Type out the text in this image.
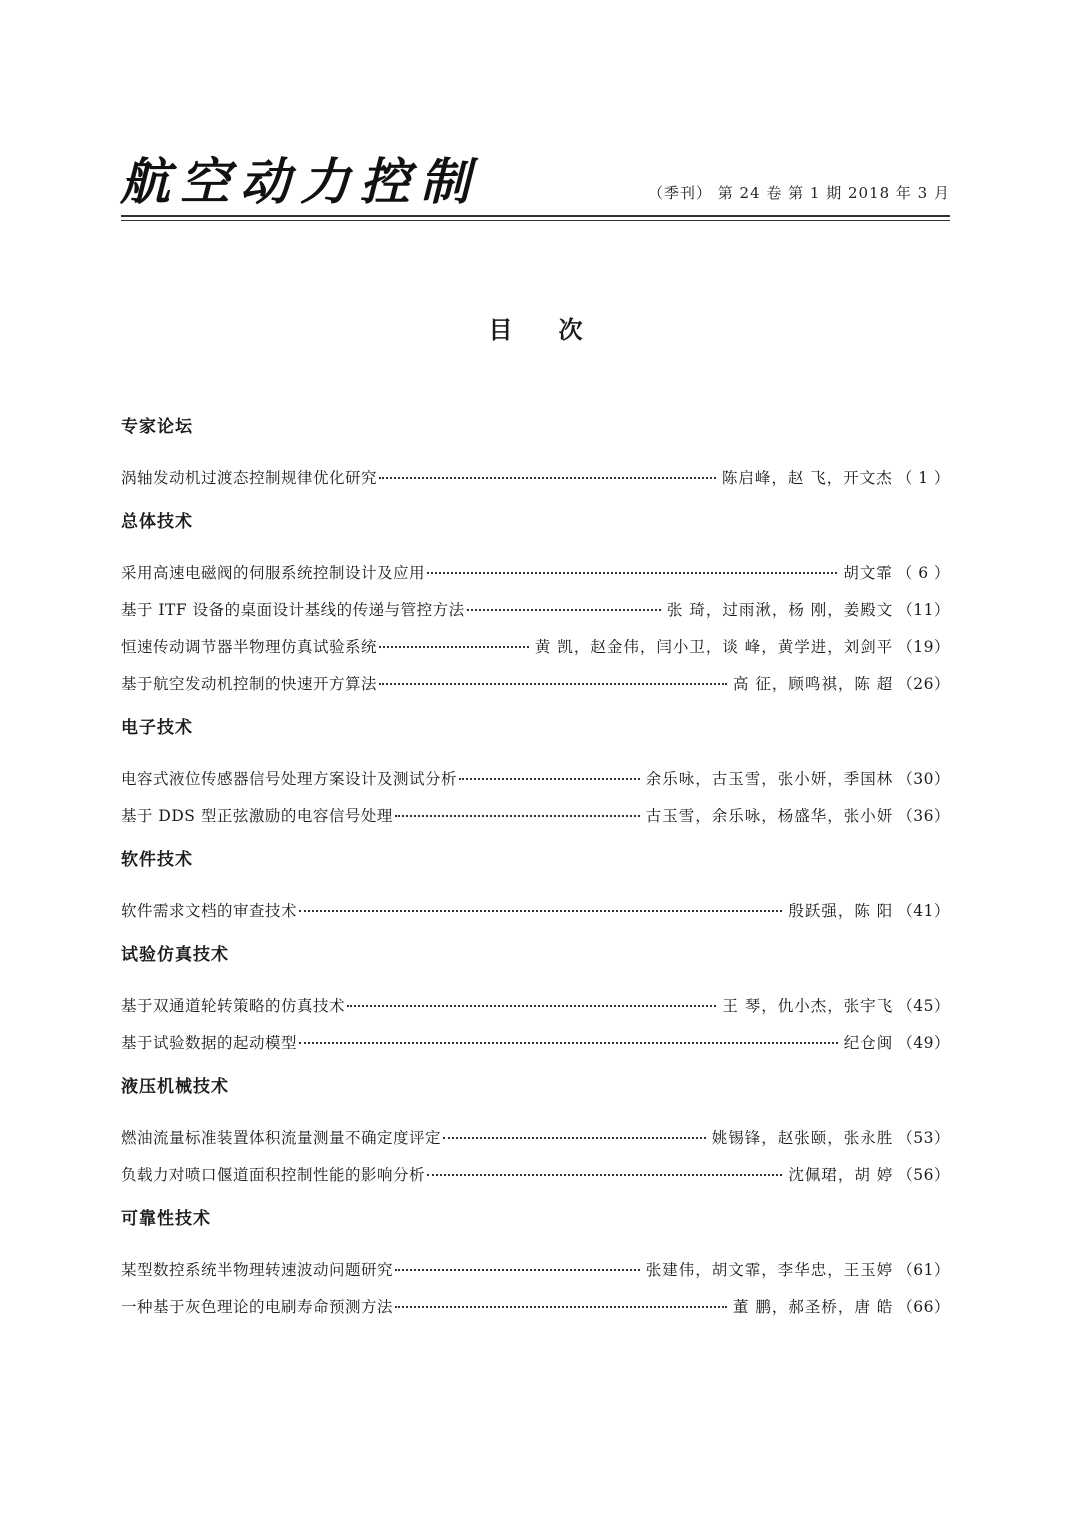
航空动力控制	（季刊） 第 24 卷 第 1 期 2018 年 3 月
目次
专家论坛
涡轴发动机过渡态控制规律优化研究	陈启峰，赵 飞，开文杰 （ 1 ）
总体技术
采用高速电磁阀的伺服系统控制设计及应用	胡文霏 （ 6 ）
基于 ITF 设备的桌面设计基线的传递与管控方法	张 琦，过雨湫，杨 刚，姜殿文 （11）
恒速传动调节器半物理仿真试验系统	黄 凯，赵金伟，闫小卫，谈 峰，黄学进，刘剑平 （19）
基于航空发动机控制的快速开方算法	高 征，顾鸣祺，陈 超 （26）
电子技术
电容式液位传感器信号处理方案设计及测试分析	余乐咏，古玉雪，张小妍，季国林 （30）
基于 DDS 型正弦激励的电容信号处理	古玉雪，余乐咏，杨盛华，张小妍 （36）
软件技术
软件需求文档的审查技术	殷跃强，陈 阳 （41）
试验仿真技术
基于双通道轮转策略的仿真技术	王 琴，仇小杰，张宇飞 （45）
基于试验数据的起动模型	纪仓闽 （49）
液压机械技术
燃油流量标准装置体积流量测量不确定度评定	姚锡锋，赵张颐，张永胜 （53）
负载力对喷口偃道面积控制性能的影响分析	沈佩珺，胡 婷 （56）
可靠性技术
某型数控系统半物理转速波动问题研究	张建伟，胡文霏，李华忠，王玉婷 （61）
一种基于灰色理论的电刷寿命预测方法	董 鹏，郝圣桥，唐 皓 （66）
